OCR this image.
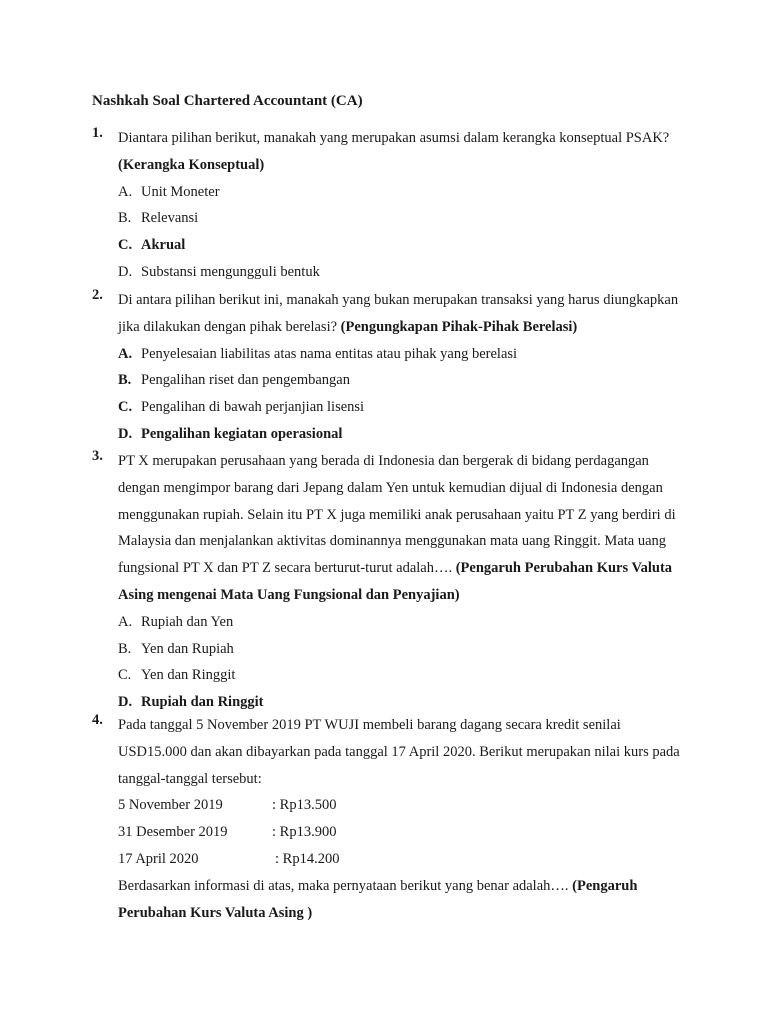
Nashkah Soal Chartered Accountant (CA)
1.	Diantara pilihan berikut, manakah yang merupakan asumsi dalam kerangka konseptual PSAK? (Kerangka Konseptual)
A. Unit Moneter
B. Relevansi
C. Akrual
D. Substansi mengungguli bentuk
2.	Di antara pilihan berikut ini, manakah yang bukan merupakan transaksi yang harus diungkapkan jika dilakukan dengan pihak berelasi? (Pengungkapan Pihak-Pihak Berelasi)
A. Penyelesaian liabilitas atas nama entitas atau pihak yang berelasi
B. Pengalihan riset dan pengembangan
C. Pengalihan di bawah perjanjian lisensi
D. Pengalihan kegiatan operasional
3.	PT X merupakan perusahaan yang berada di Indonesia dan bergerak di bidang perdagangan dengan mengimpor barang dari Jepang dalam Yen untuk kemudian dijual di Indonesia dengan menggunakan rupiah. Selain itu PT X juga memiliki anak perusahaan yaitu PT Z yang berdiri di Malaysia dan menjalankan aktivitas dominannya menggunakan mata uang Ringgit. Mata uang fungsional PT X dan PT Z secara berturut-turut adalah…. (Pengaruh Perubahan Kurs Valuta Asing mengenai Mata Uang Fungsional dan Penyajian)
A. Rupiah dan Yen
B. Yen dan Rupiah
C. Yen dan Ringgit
D. Rupiah dan Ringgit
4.	Pada tanggal 5 November 2019 PT WUJI membeli barang dagang secara kredit senilai USD15.000 dan akan dibayarkan pada tanggal 17 April 2020. Berikut merupakan nilai kurs pada tanggal-tanggal tersebut:
5 November 2019	: Rp13.500
31 Desember 2019	: Rp13.900
17 April 2020	: Rp14.200
Berdasarkan informasi di atas, maka pernyataan berikut yang benar adalah…. (Pengaruh Perubahan Kurs Valuta Asing )
